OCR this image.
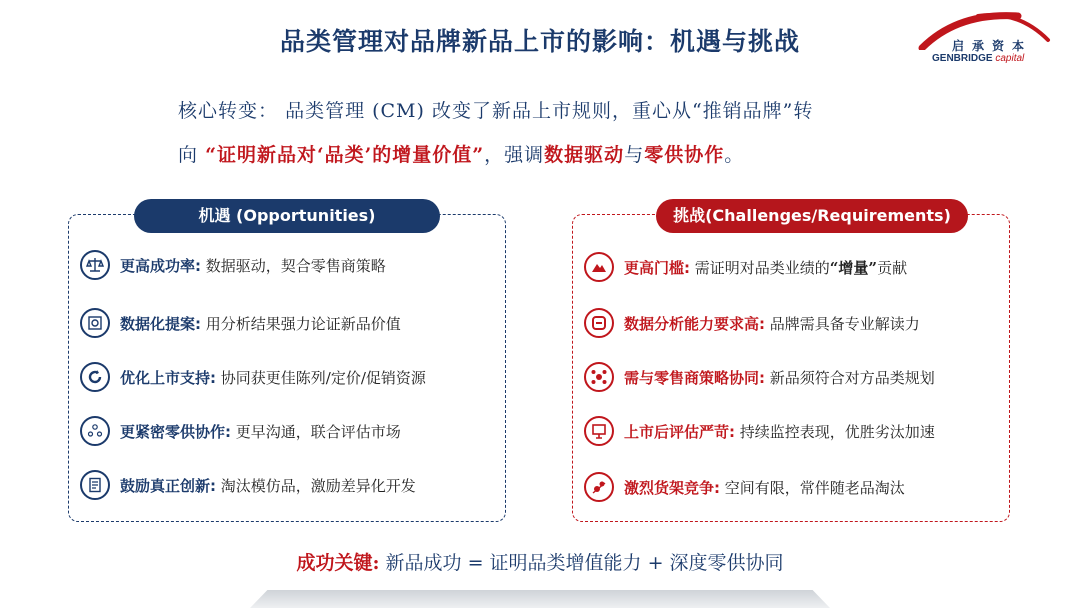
品类管理对品牌新品上市的影响：机遇与挑战	启承资本
GENBRIDGE capital
核心转变： 品类管理 (CM) 改变了新品上市规则，重心从“推销品牌”转
向 “证明新品对‘品类’的增量价值”，强调数据驱动与零供协作。
机遇 (Opportunities)
更高成功率: 数据驱动，契合零售商策略
数据化提案: 用分析结果强力论证新品价值
优化上市支持: 协同获更佳陈列/定价/促销资源
更紧密零供协作: 更早沟通，联合评估市场
鼓励真正创新: 淘汰模仿品，激励差异化开发
挑战(Challenges/Requirements)
更高门槛: 需证明对品类业绩的“增量”贡献
数据分析能力要求高: 品牌需具备专业解读力
需与零售商策略协同: 新品须符合对方品类规划
上市后评估严苛: 持续监控表现，优胜劣汰加速
激烈货架竞争: 空间有限，常伴随老品淘汰
成功关键: 新品成功 = 证明品类增值能力 + 深度零供协同
